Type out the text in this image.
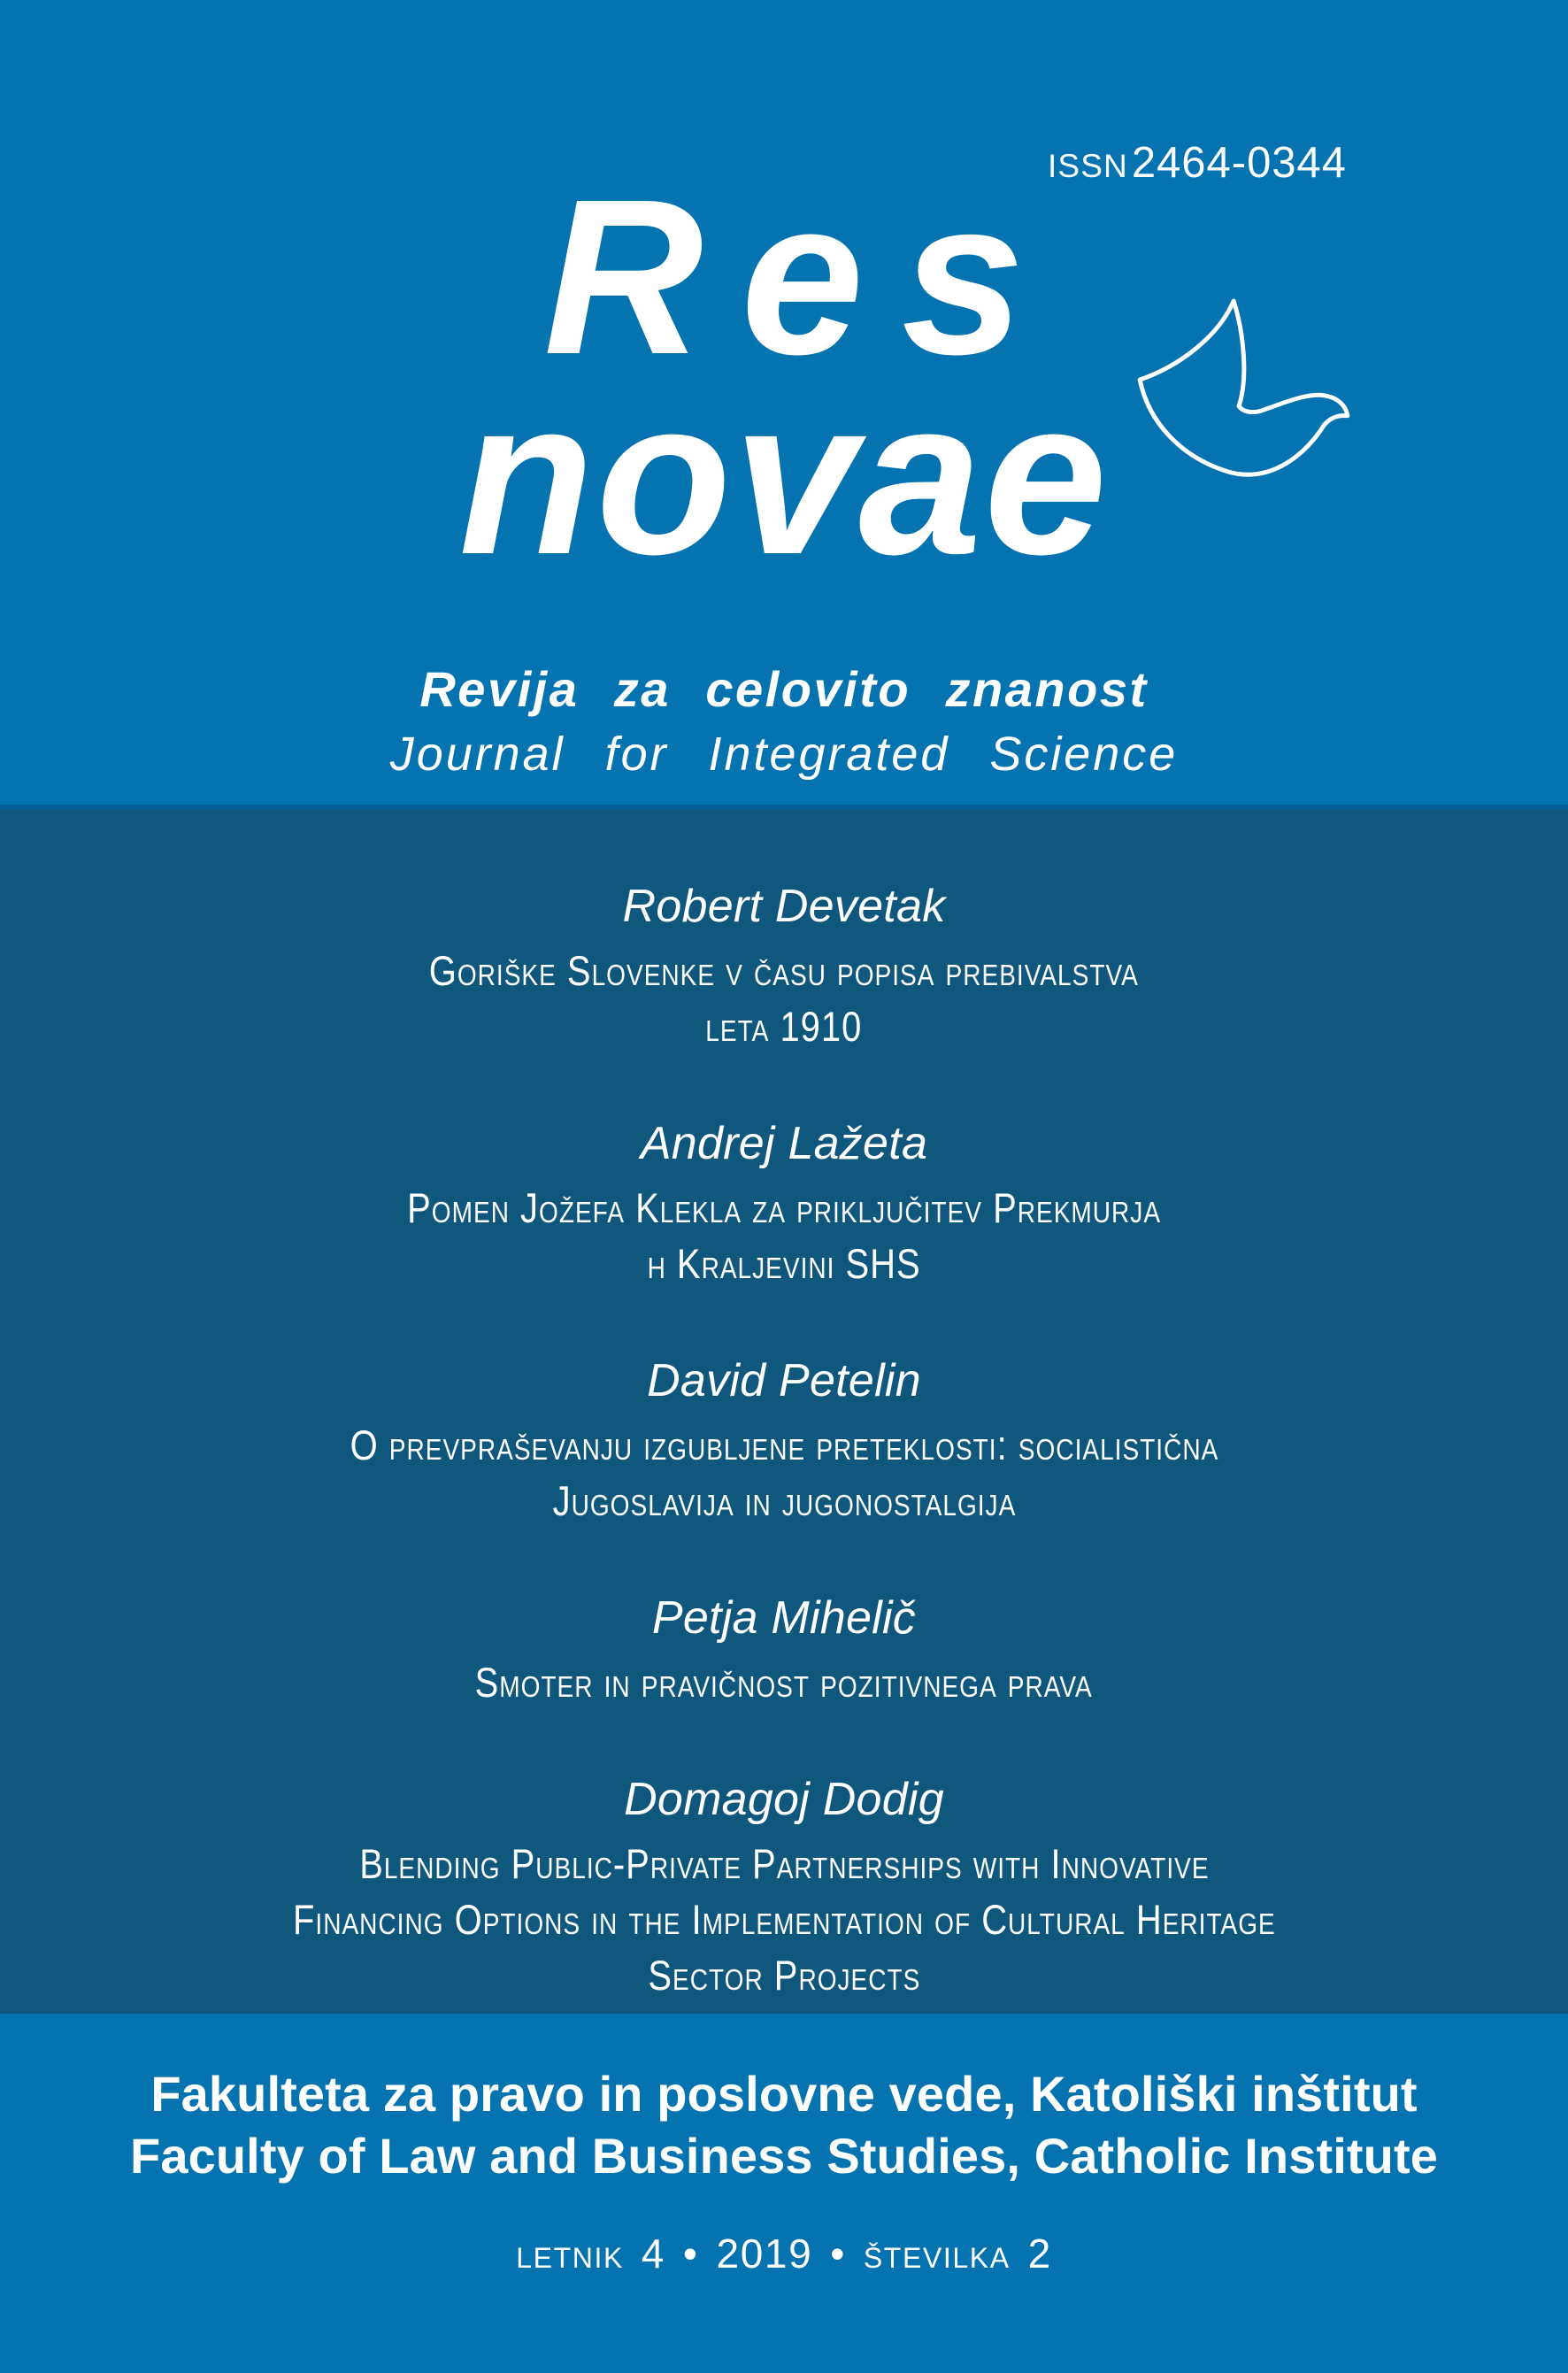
ISSN2464-0344
Res
novae
Revija za celovito znanost
Journal for Integrated Science
Robert Devetak
Goriške Slovenke v času popisa prebivalstva
leta 1910
Andrej Lažeta
Pomen Jožefa Klekla za priključitev Prekmurja
h Kraljevini SHS
David Petelin
O prevpraševanju izgubljene preteklosti: socialistična
Jugoslavija in jugonostalgija
Petja Mihelič
Smoter in pravičnost pozitivnega prava
Domagoj Dodig
Blending Public-Private Partnerships with Innovative
Financing Options in the Implementation of Cultural Heritage
Sector Projects
Fakulteta za pravo in poslovne vede, Katoliški inštitut
Faculty of Law and Business Studies, Catholic Institute
letnik 4 • 2019 • številka 2
